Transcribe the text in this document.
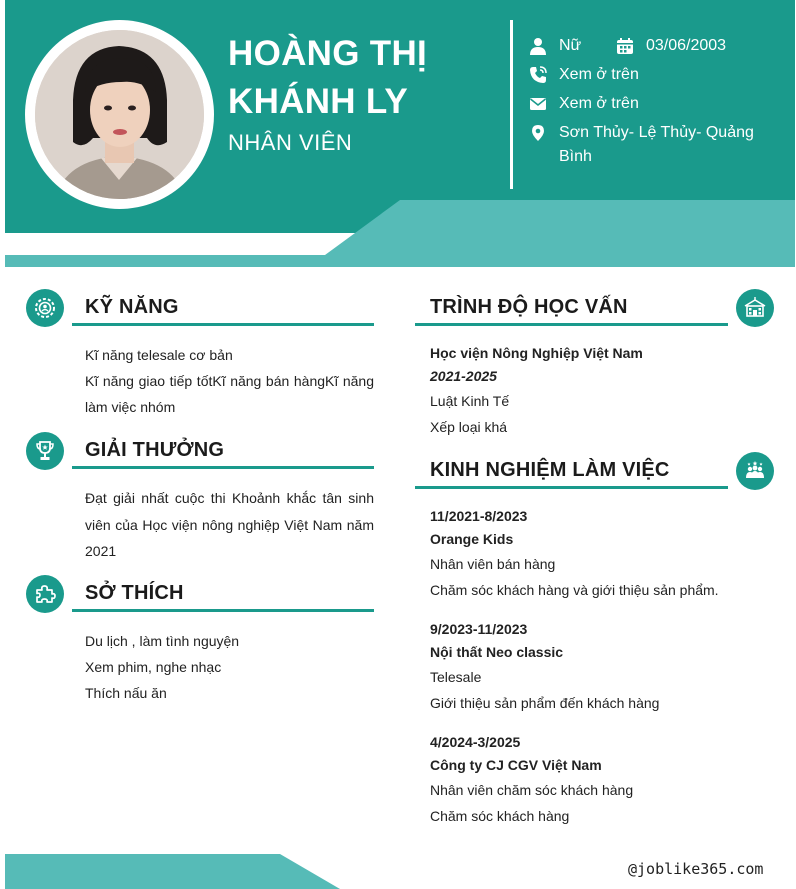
HOÀNG THỊ
KHÁNH LY
NHÂN VIÊN
Nữ	03/06/2003
Xem ở trên
Xem ở trên
Sơn Thủy- Lệ Thủy- Quảng Bình
KỸ NĂNG
Kĩ năng telesale cơ bản
Kĩ năng giao tiếp tốtKĩ năng bán hàngKĩ năng làm việc nhóm
GIẢI THƯỞNG
Đạt giải nhất cuộc thi Khoảnh khắc tân sinh viên của Học viện nông nghiệp Việt Nam năm 2021
SỞ THÍCH
Du lịch , làm tình nguyện
Xem phim, nghe nhạc
Thích nấu ăn
TRÌNH ĐỘ HỌC VẤN
Học viện Nông Nghiệp Việt Nam
2021-2025
Luật Kinh Tế
Xếp loại khá
KINH NGHIỆM LÀM VIỆC
11/2021-8/2023
Orange Kids
Nhân viên bán hàng
Chăm sóc khách hàng và giới thiệu sản phẩm.
9/2023-11/2023
Nội thất Neo classic
Telesale
Giới thiệu sản phẩm đến khách hàng
4/2024-3/2025
Công ty CJ CGV Việt Nam
Nhân viên chăm sóc khách hàng
Chăm sóc khách hàng
@joblike365.com
